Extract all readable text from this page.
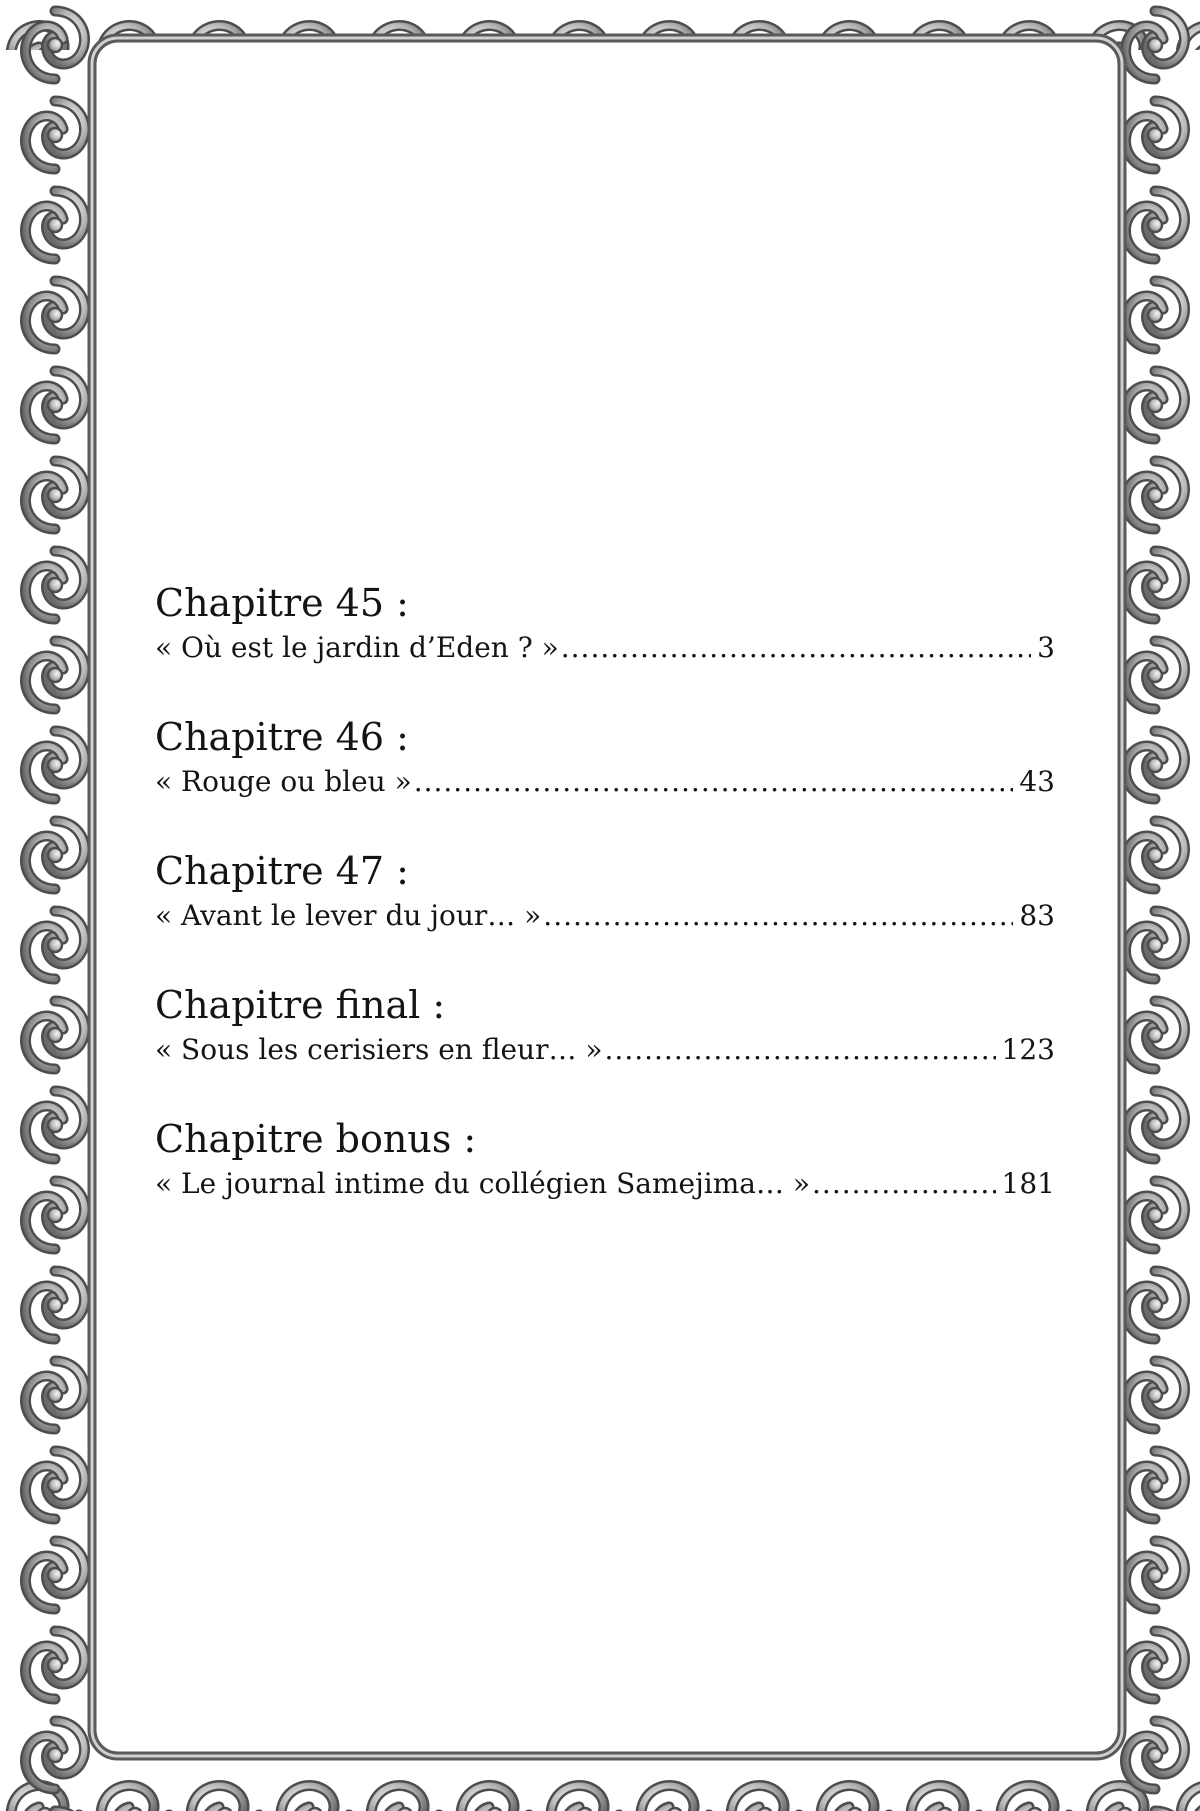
Chapitre 45 :
« Où est le jardin d’Eden ? » .....	3
Chapitre 46 :
« Rouge ou bleu » .....	43
Chapitre 47 :
« Avant le lever du jour… » .....	83
Chapitre final :
« Sous les cerisiers en fleur… » .....	123
Chapitre bonus :
« Le journal intime du collégien Samejima… » .....	181
